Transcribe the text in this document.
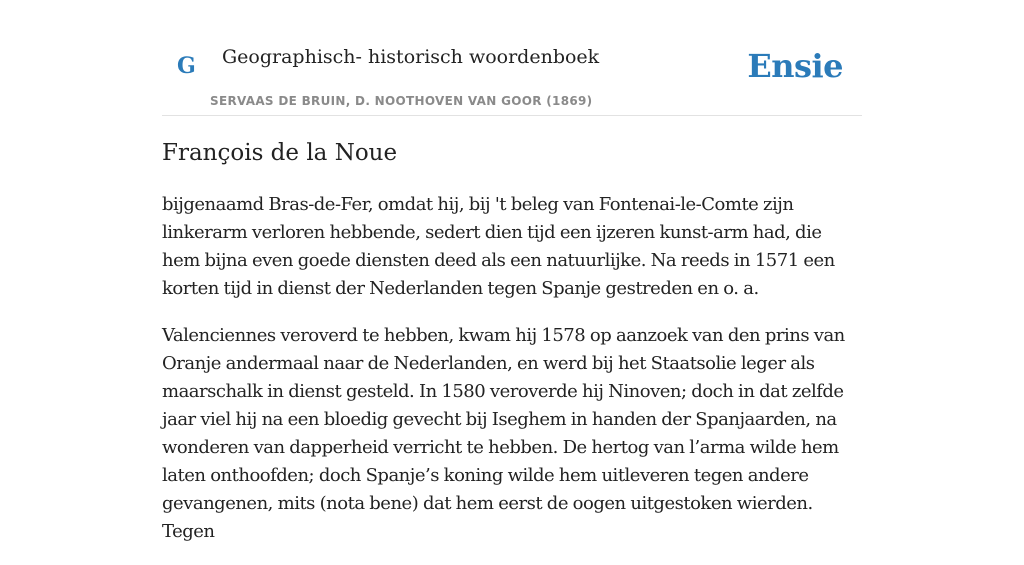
G Geographisch- historisch woordenboek
SERVAAS DE BRUIN, D. NOOTHOVEN VAN GOOR (1869)
Ensie
François de la Noue

bijgenaamd Bras-de-Fer, omdat hij, bij 't beleg van Fontenai-le-Comte zijn linkerarm verloren hebbende, sedert dien tijd een ijzeren kunst-arm had, die hem bijna even goede diensten deed als een natuurlijke. Na reeds in 1571 een korten tijd in dienst der Nederlanden tegen Spanje gestreden en o. a.

Valenciennes veroverd te hebben, kwam hij 1578 op aanzoek van den prins van Oranje andermaal naar de Nederlanden, en werd bij het Staatsolie leger als maarschalk in dienst gesteld. In 1580 veroverde hij Ninoven; doch in dat zelfde jaar viel hij na een bloedig gevecht bij Iseghem in handen der Spanjaarden, na wonderen van dapperheid verricht te hebben. De hertog van l’arma wilde hem laten onthoofden; doch Spanje’s koning wilde hem uitleveren tegen andere gevangenen, mits (nota bene) dat hem eerst de oogen uitgestoken wierden. Tegen
